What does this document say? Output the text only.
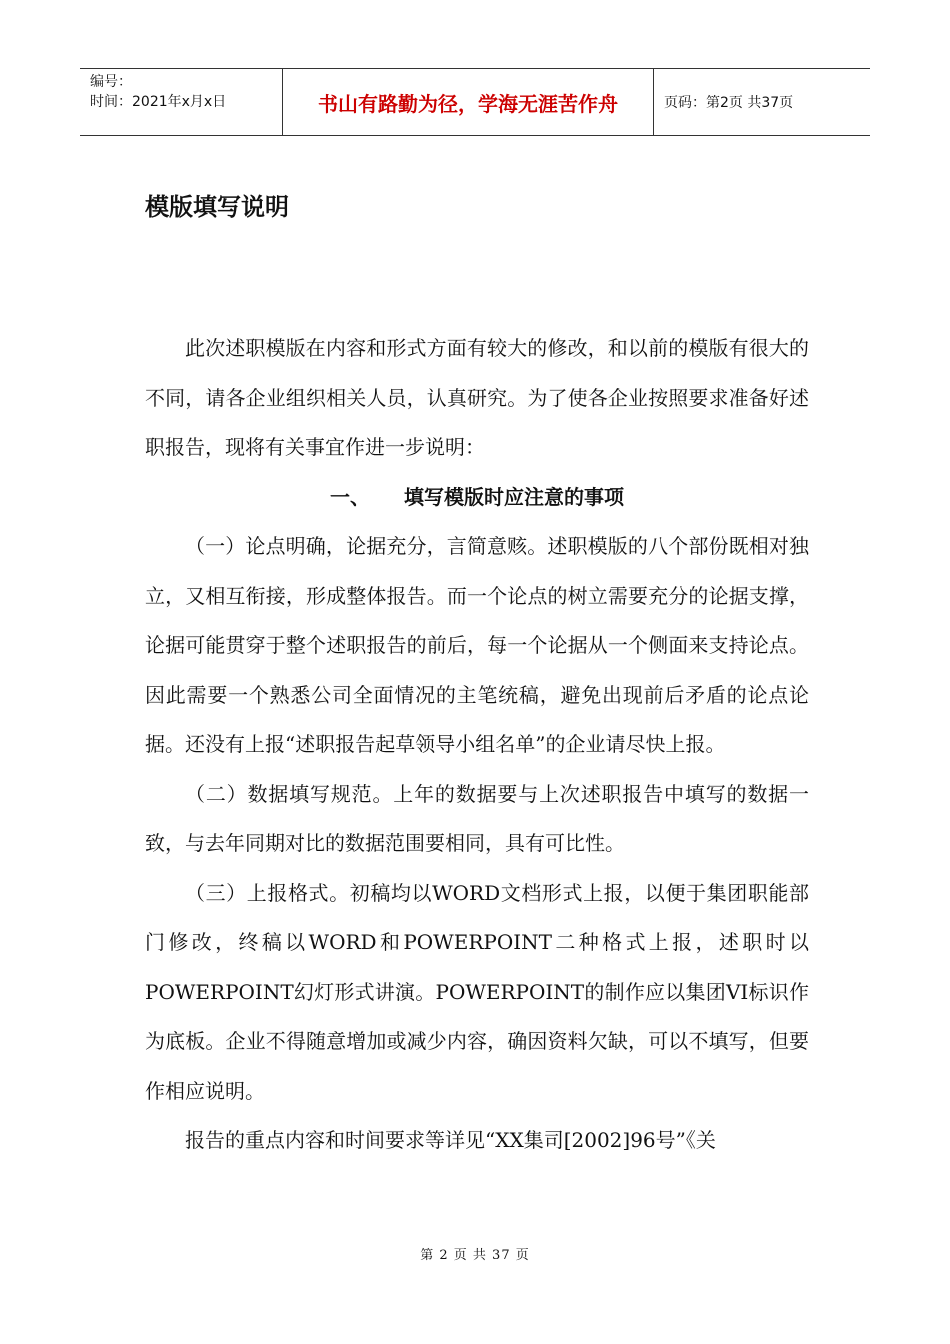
编号：
时间：2021年x月x日	书山有路勤为径，学海无涯苦作舟	页码：第2页 共37页
模版填写说明

此次述职模版在内容和形式方面有较大的修改，和以前的模版有很大的不同，请各企业组织相关人员，认真研究。为了使各企业按照要求准备好述职报告，现将有关事宜作进一步说明：

一、 填写模版时应注意的事项

（一）论点明确，论据充分，言简意赅。述职模版的八个部份既相对独立，又相互衔接，形成整体报告。而一个论点的树立需要充分的论据支撑，论据可能贯穿于整个述职报告的前后，每一个论据从一个侧面来支持论点。因此需要一个熟悉公司全面情况的主笔统稿，避免出现前后矛盾的论点论据。还没有上报“述职报告起草领导小组名单”的企业请尽快上报。

（二）数据填写规范。上年的数据要与上次述职报告中填写的数据一致，与去年同期对比的数据范围要相同，具有可比性。

（三）上报格式。初稿均以WORD文档形式上报，以便于集团职能部门修改，终稿以WORD和POWERPOINT二种格式上报，述职时以POWERPOINT幻灯形式讲演。POWERPOINT的制作应以集团VI标识作为底板。企业不得随意增加或减少内容，确因资料欠缺，可以不填写，但要作相应说明。

报告的重点内容和时间要求等详见“XX集司[2002]96号”《关

第 2 页 共 37 页
